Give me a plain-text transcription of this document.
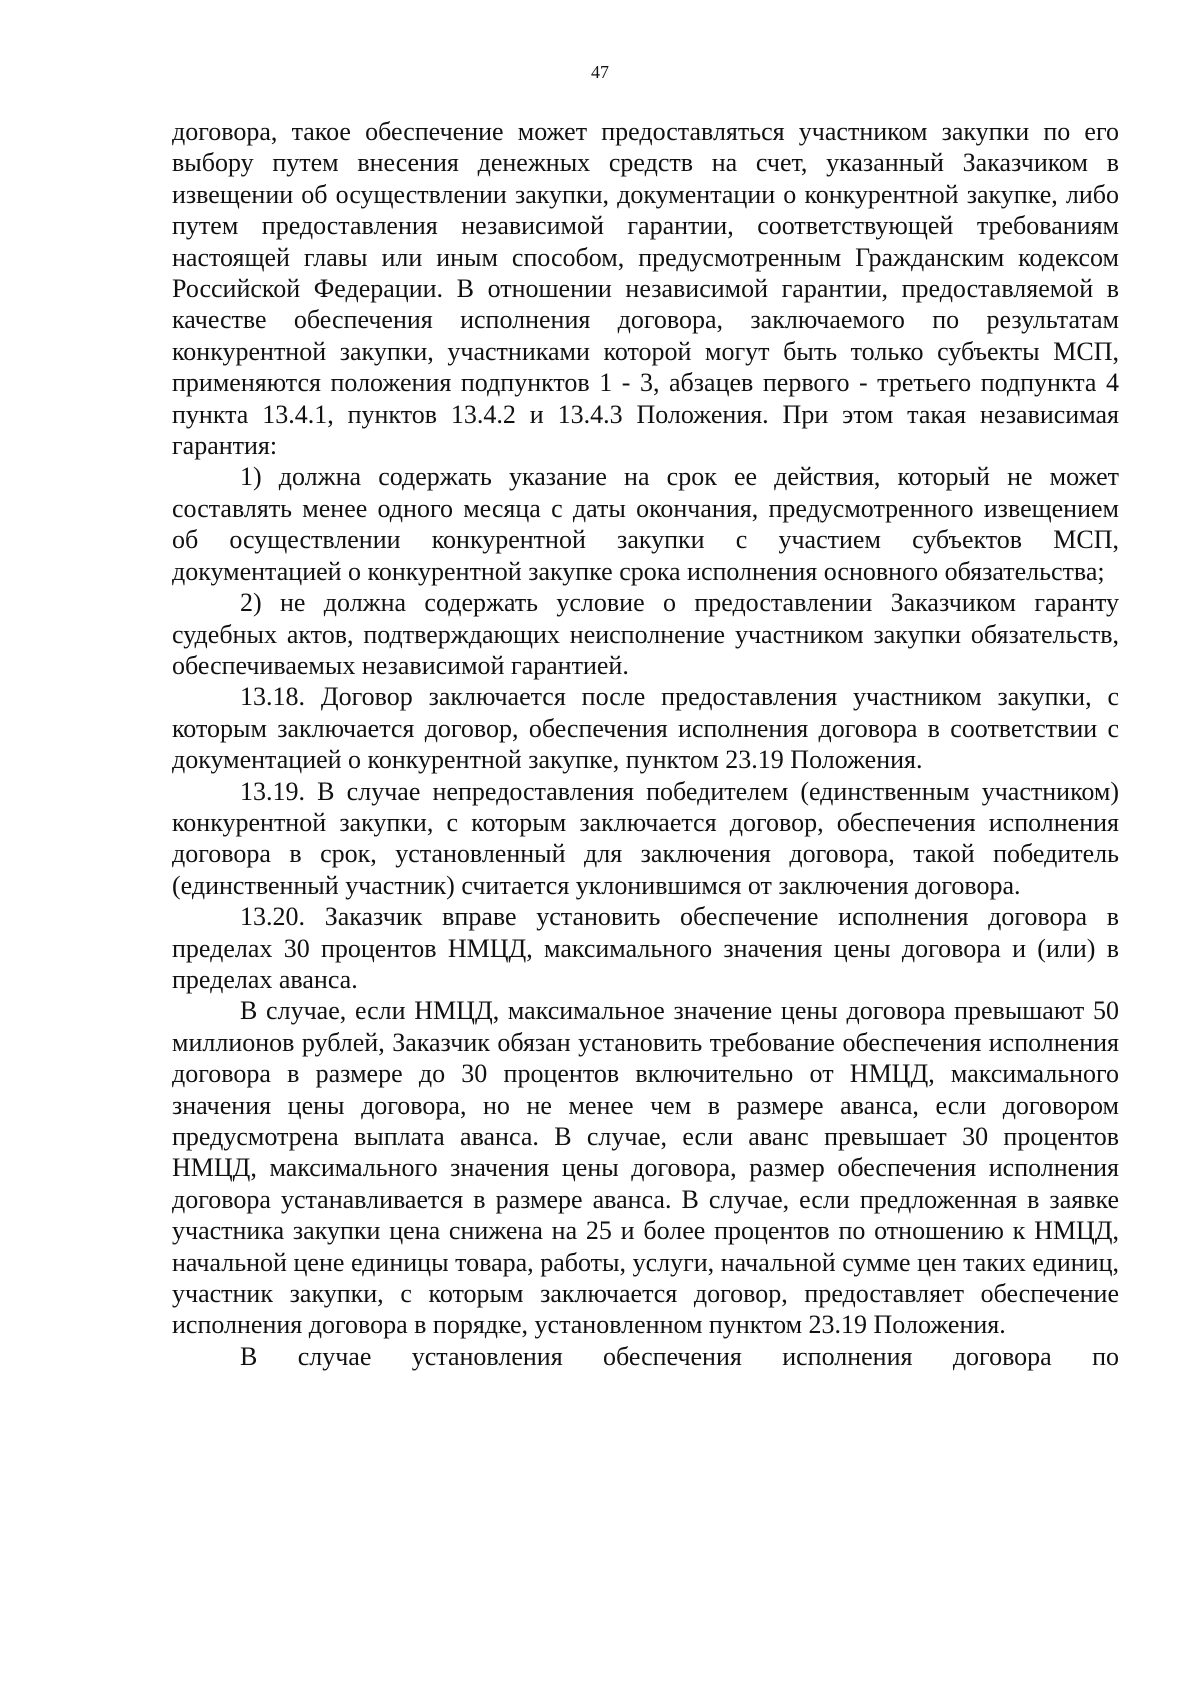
47

договора, такое обеспечение может предоставляться участником закупки по его выбору путем внесения денежных средств на счет, указанный Заказчиком в извещении об осуществлении закупки, документации о конкурентной закупке, либо путем предоставления независимой гарантии, соответствующей требованиям настоящей главы или иным способом, предусмотренным Гражданским кодексом Российской Федерации. В отношении независимой гарантии, предоставляемой в качестве обеспечения исполнения договора, заключаемого по результатам конкурентной закупки, участниками которой могут быть только субъекты МСП, применяются положения подпунктов 1 - 3, абзацев первого - третьего подпункта 4 пункта 13.4.1, пунктов 13.4.2 и 13.4.3 Положения. При этом такая независимая гарантия:

1) должна содержать указание на срок ее действия, который не может составлять менее одного месяца с даты окончания, предусмотренного извещением об осуществлении конкурентной закупки с участием субъектов МСП, документацией о конкурентной закупке срока исполнения основного обязательства;

2) не должна содержать условие о предоставлении Заказчиком гаранту судебных актов, подтверждающих неисполнение участником закупки обязательств, обеспечиваемых независимой гарантией.

13.18. Договор заключается после предоставления участником закупки, с которым заключается договор, обеспечения исполнения договора в соответствии с документацией о конкурентной закупке, пунктом 23.19 Положения.

13.19. В случае непредоставления победителем (единственным участником) конкурентной закупки, с которым заключается договор, обеспечения исполнения договора в срок, установленный для заключения договора, такой победитель (единственный участник) считается уклонившимся от заключения договора.

13.20. Заказчик вправе установить обеспечение исполнения договора в пределах 30 процентов НМЦД, максимального значения цены договора и (или) в пределах аванса.

В случае, если НМЦД, максимальное значение цены договора превышают 50 миллионов рублей, Заказчик обязан установить требование обеспечения исполнения договора в размере до 30 процентов включительно от НМЦД, максимального значения цены договора, но не менее чем в размере аванса, если договором предусмотрена выплата аванса. В случае, если аванс превышает 30 процентов НМЦД, максимального значения цены договора, размер обеспечения исполнения договора устанавливается в размере аванса. В случае, если предложенная в заявке участника закупки цена снижена на 25 и более процентов по отношению к НМЦД, начальной цене единицы товара, работы, услуги, начальной сумме цен таких единиц, участник закупки, с которым заключается договор, предоставляет обеспечение исполнения договора в порядке, установленном пунктом 23.19 Положения.

В случае установления обеспечения исполнения договора по
